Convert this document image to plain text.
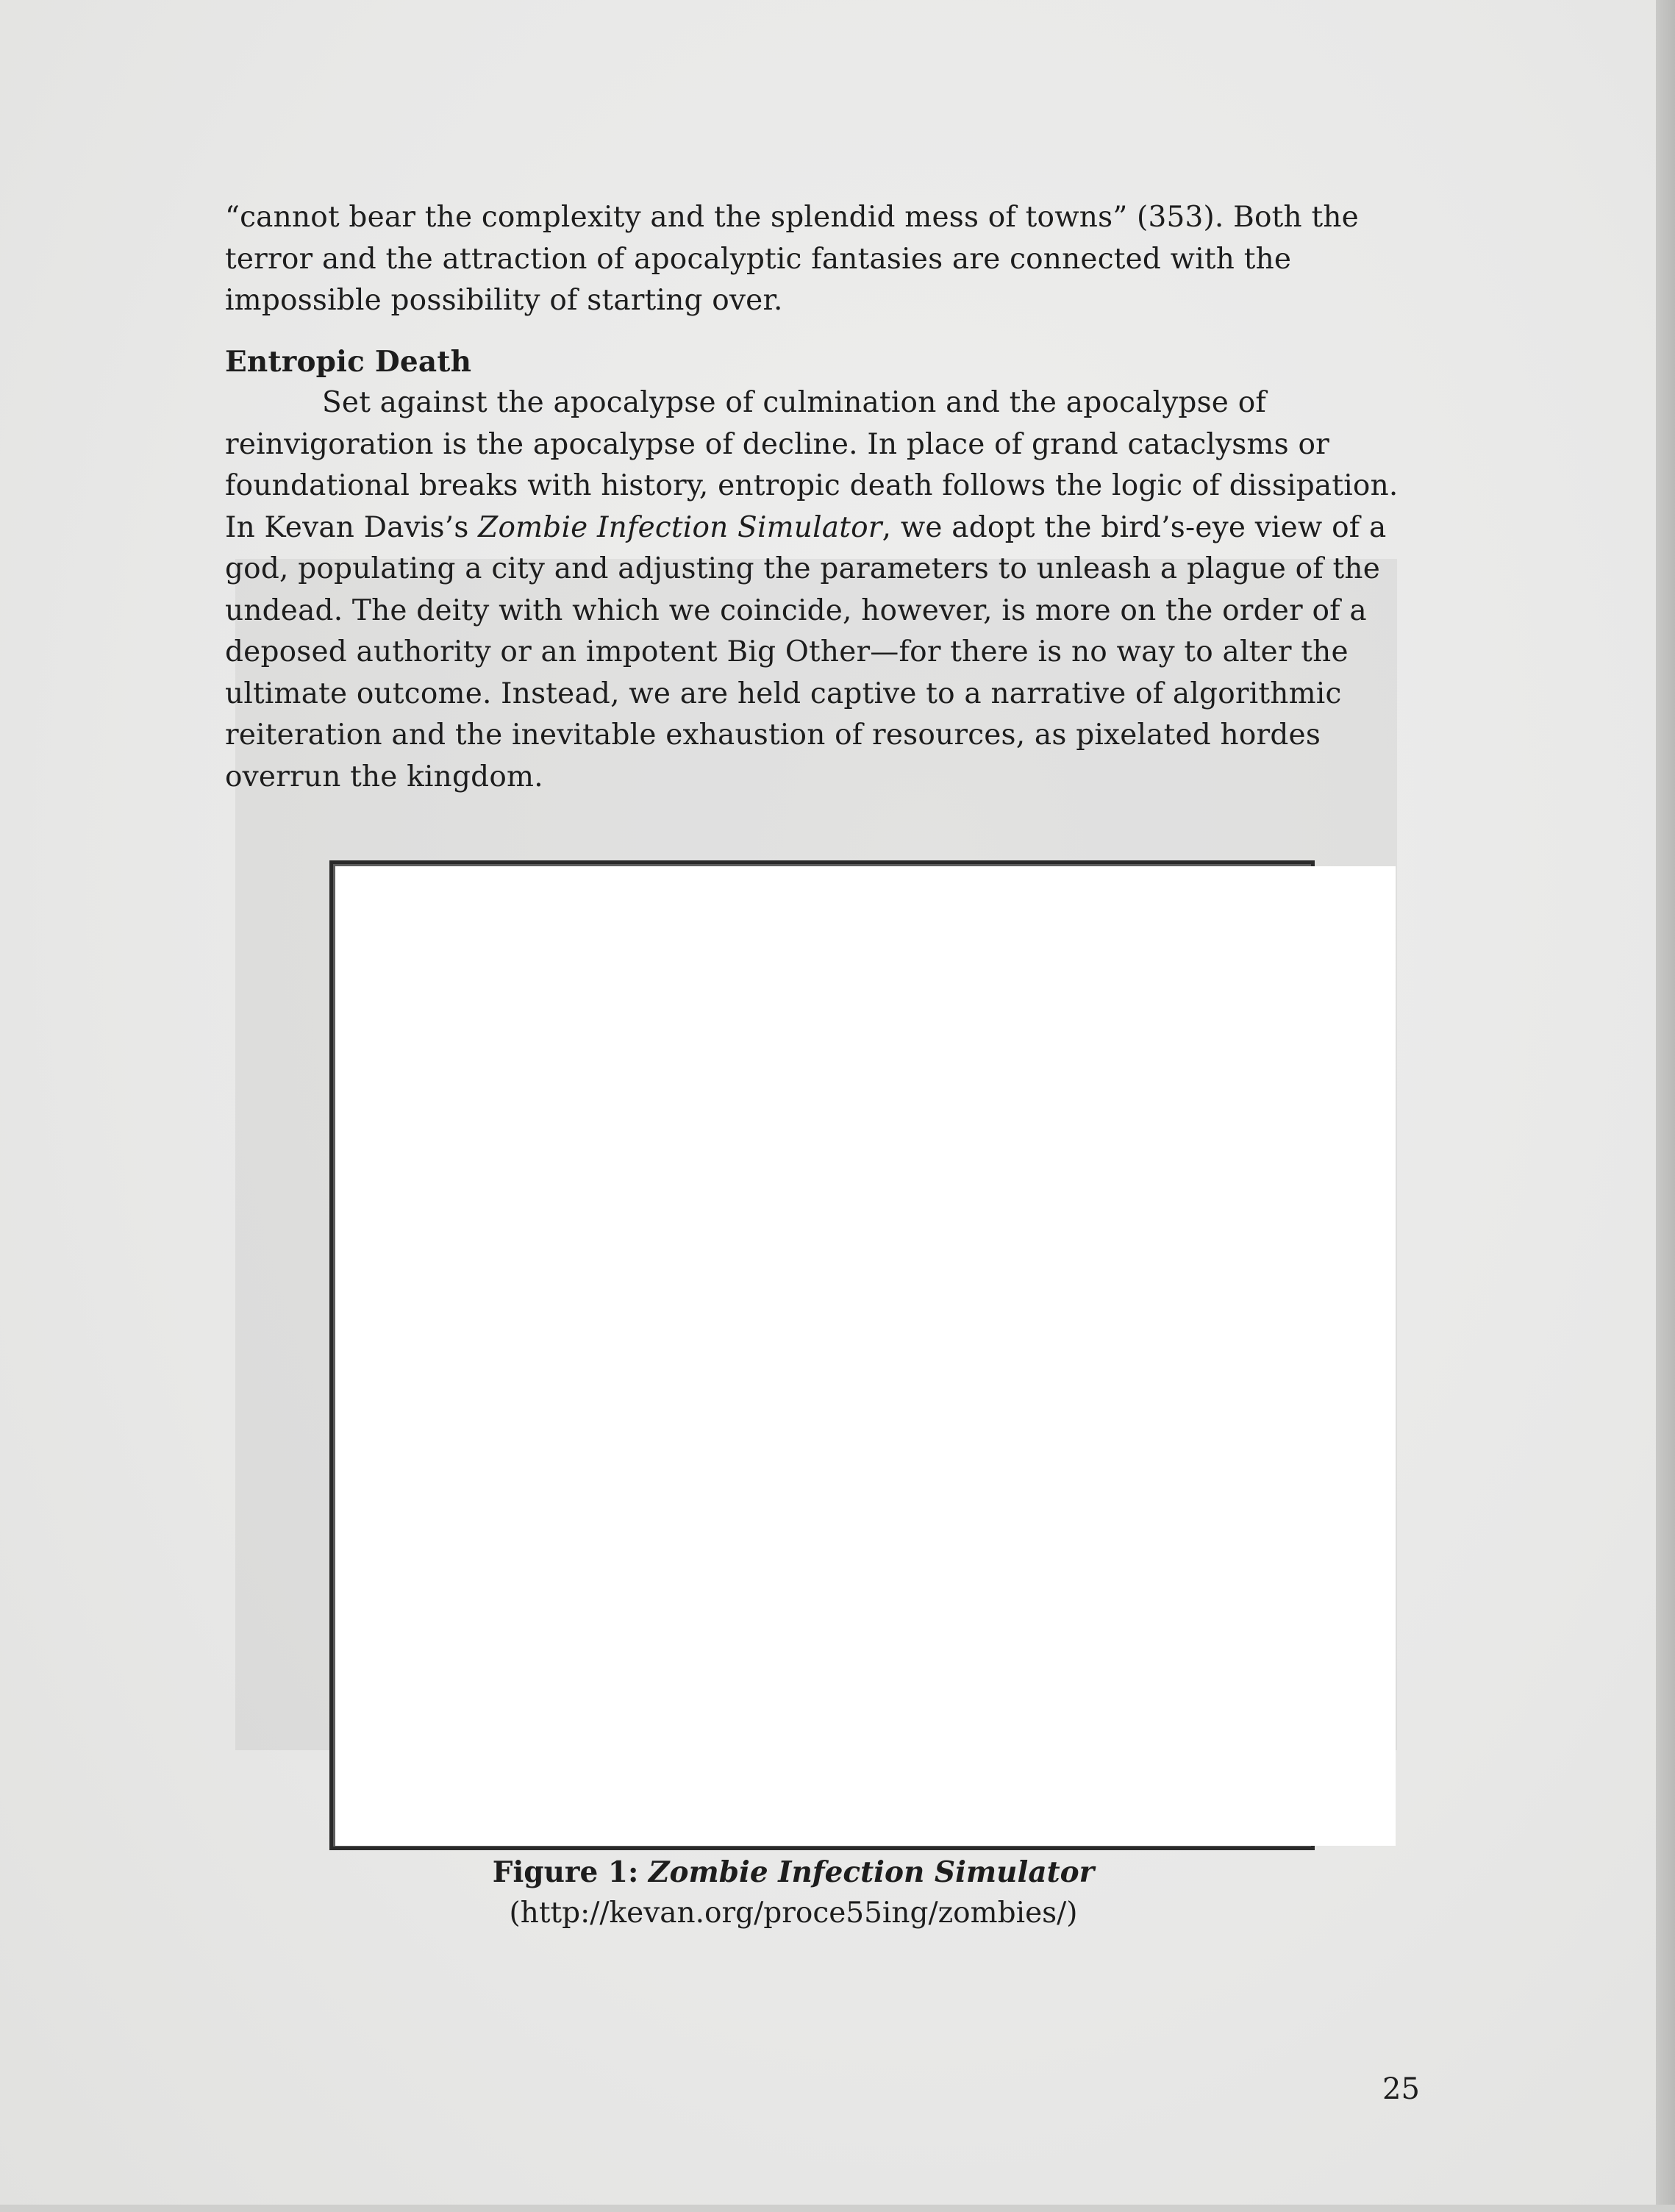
“cannot bear the complexity and the splendid mess of towns” (353). Both the
terror and the attraction of apocalyptic fantasies are connected with the
impossible possibility of starting over.

Entropic Death

Set against the apocalypse of culmination and the apocalypse of
reinvigoration is the apocalypse of decline. In place of grand cataclysms or
foundational breaks with history, entropic death follows the logic of dissipation.
In Kevan Davis’s Zombie Infection Simulator, we adopt the bird’s-eye view of a
god, populating a city and adjusting the parameters to unleash a plague of the
undead. The deity with which we coincide, however, is more on the order of a
deposed authority or an impotent Big Other—for there is no way to alter the
ultimate outcome. Instead, we are held captive to a narrative of algorithmic
reiteration and the inevitable exhaustion of resources, as pixelated hordes
overrun the kingdom.

Figure 1: Zombie Infection Simulator
(http://kevan.org/proce55ing/zombies/)
25
